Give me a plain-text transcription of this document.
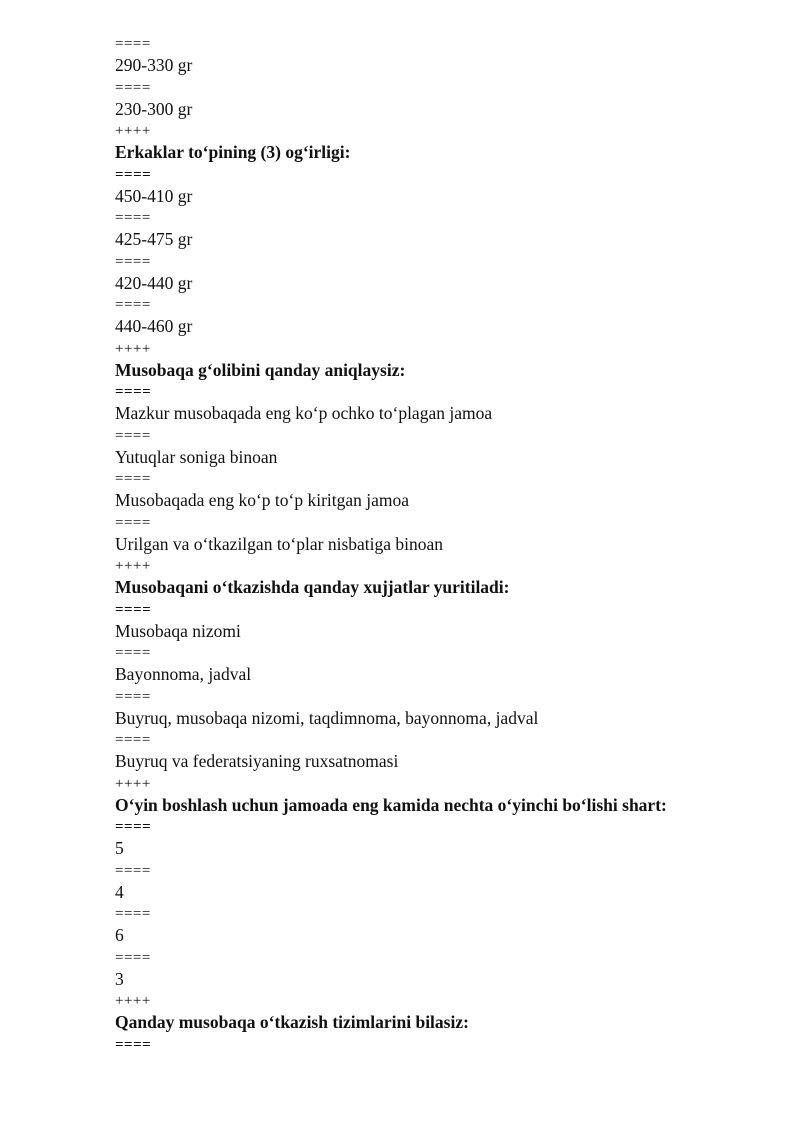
====
290-330 gr
====
230-300 gr
++++
Erkaklar to‘pining (3) og‘irligi:
====
450-410 gr
====
425-475 gr
====
420-440 gr
====
440-460 gr
++++
Musobaqa g‘olibini qanday aniqlaysiz:
====
Mazkur musobaqada eng ko‘p ochko to‘plagan jamoa
====
Yutuqlar soniga binoan
====
Musobaqada eng ko‘p to‘p kiritgan jamoa
====
Urilgan va o‘tkazilgan to‘plar nisbatiga binoan
++++
Musobaqani o‘tkazishda qanday xujjatlar yuritiladi:
====
Musobaqa nizomi
====
Bayonnoma, jadval
====
Buyruq, musobaqa nizomi, taqdimnoma, bayonnoma, jadval
====
Buyruq va federatsiyaning ruxsatnomasi
++++
O‘yin boshlash uchun jamoada eng kamida nechta o‘yinchi bo‘lishi shart:
====
5
====
4
====
6
====
3
++++
Qanday musobaqa o‘tkazish tizimlarini bilasiz:
====
